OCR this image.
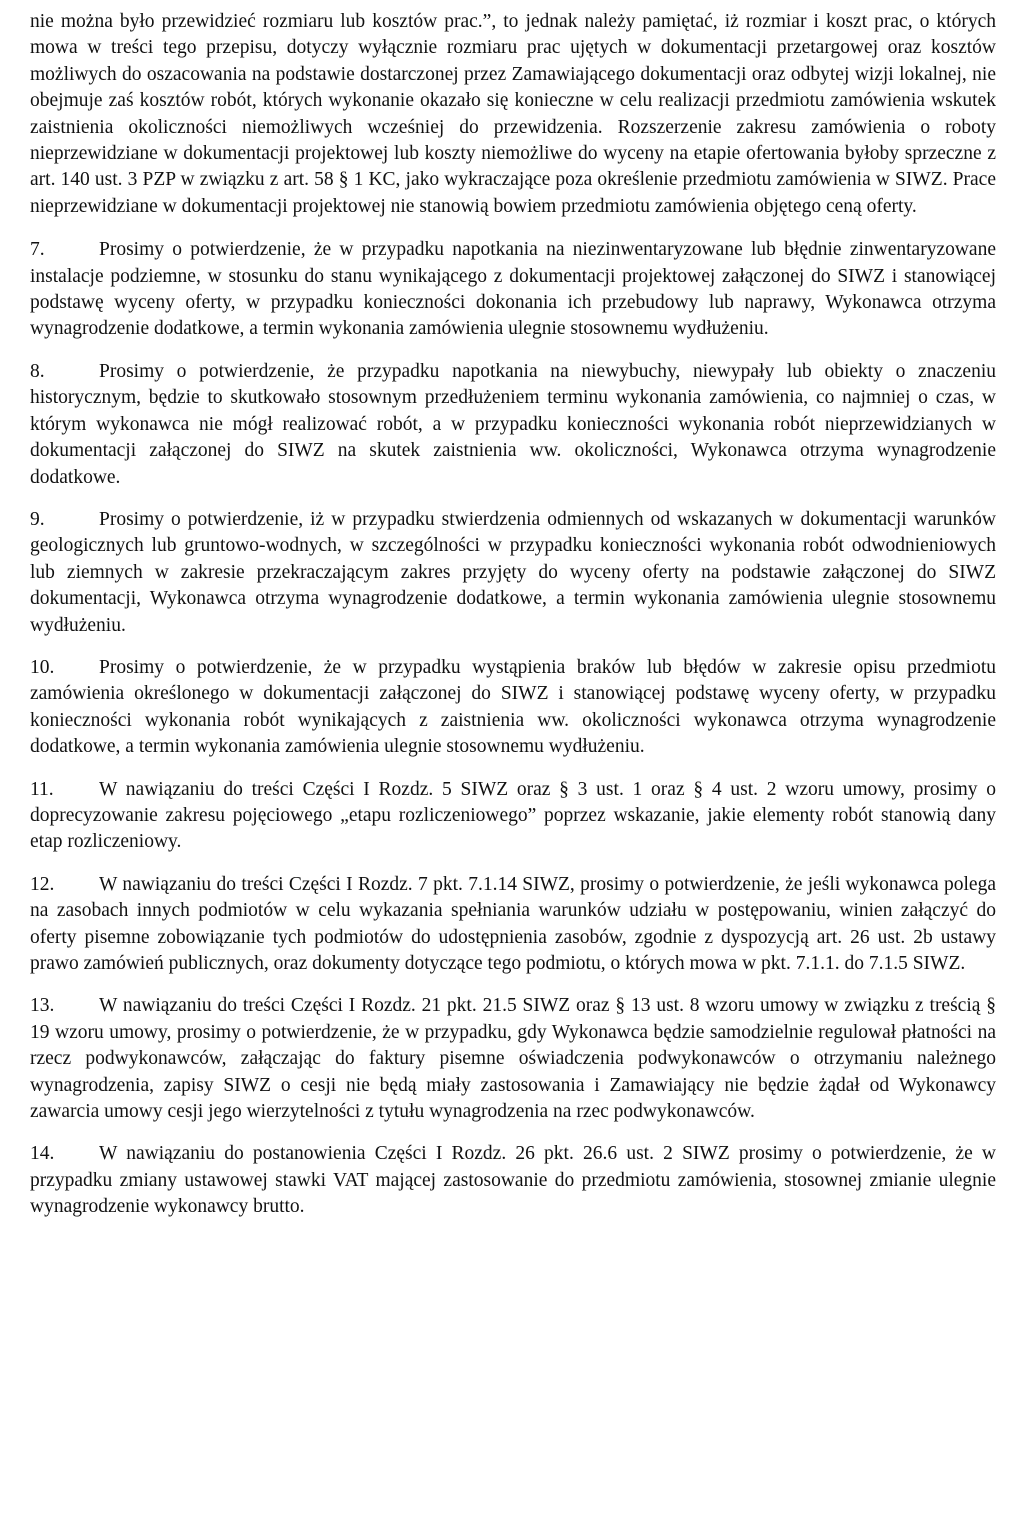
nie można było przewidzieć rozmiaru lub kosztów prac.”, to jednak należy pamiętać, iż rozmiar i koszt prac, o których mowa w treści tego przepisu, dotyczy wyłącznie rozmiaru prac ujętych w dokumentacji przetargowej oraz kosztów możliwych do oszacowania na podstawie dostarczonej przez Zamawiającego dokumentacji oraz odbytej wizji lokalnej, nie obejmuje zaś kosztów robót, których wykonanie okazało się konieczne w celu realizacji przedmiotu zamówienia wskutek zaistnienia okoliczności niemożliwych wcześniej do przewidzenia. Rozszerzenie zakresu zamówienia o roboty nieprzewidziane w dokumentacji projektowej lub koszty niemożliwe do wyceny na etapie ofertowania byłoby sprzeczne z art. 140 ust. 3 PZP w związku z art. 58 § 1 KC, jako wykraczające poza określenie przedmiotu zamówienia w SIWZ. Prace nieprzewidziane w dokumentacji projektowej nie stanowią bowiem przedmiotu zamówienia objętego ceną oferty.

7.	Prosimy o potwierdzenie, że w przypadku napotkania na niezinwentaryzowane lub błędnie zinwentaryzowane instalacje podziemne, w stosunku do stanu wynikającego z dokumentacji projektowej załączonej do SIWZ i stanowiącej podstawę wyceny oferty, w przypadku konieczności dokonania ich przebudowy lub naprawy, Wykonawca otrzyma wynagrodzenie dodatkowe, a termin wykonania zamówienia ulegnie stosownemu wydłużeniu.

8.	Prosimy o potwierdzenie, że przypadku napotkania na niewybuchy, niewypały lub obiekty o znaczeniu historycznym, będzie to skutkowało stosownym przedłużeniem terminu wykonania zamówienia, co najmniej o czas, w którym wykonawca nie mógł realizować robót, a w przypadku konieczności wykonania robót nieprzewidzianych w dokumentacji załączonej do SIWZ na skutek zaistnienia ww. okoliczności, Wykonawca otrzyma wynagrodzenie dodatkowe.

9.	Prosimy o potwierdzenie, iż w przypadku stwierdzenia odmiennych od wskazanych w dokumentacji warunków geologicznych lub gruntowo-wodnych, w szczególności w przypadku konieczności wykonania robót odwodnieniowych lub ziemnych w zakresie przekraczającym zakres przyjęty do wyceny oferty na podstawie załączonej do SIWZ dokumentacji, Wykonawca otrzyma wynagrodzenie dodatkowe, a termin wykonania zamówienia ulegnie stosownemu wydłużeniu.

10. Prosimy o potwierdzenie, że w przypadku wystąpienia braków lub błędów w zakresie opisu przedmiotu zamówienia określonego w dokumentacji załączonej do SIWZ i stanowiącej podstawę wyceny oferty, w przypadku konieczności wykonania robót wynikających z zaistnienia ww. okoliczności wykonawca otrzyma wynagrodzenie dodatkowe, a termin wykonania zamówienia ulegnie stosownemu wydłużeniu.

11. W nawiązaniu do treści Części I Rozdz. 5 SIWZ oraz § 3 ust. 1 oraz § 4 ust. 2 wzoru umowy, prosimy o doprecyzowanie zakresu pojęciowego „etapu rozliczeniowego” poprzez wskazanie, jakie elementy robót stanowią dany etap rozliczeniowy.

12. W nawiązaniu do treści Części I Rozdz. 7 pkt. 7.1.14 SIWZ, prosimy o potwierdzenie, że jeśli wykonawca polega na zasobach innych podmiotów w celu wykazania spełniania warunków udziału w postępowaniu, winien załączyć do oferty pisemne zobowiązanie tych podmiotów do udostępnienia zasobów, zgodnie z dyspozycją art. 26 ust. 2b ustawy prawo zamówień publicznych, oraz dokumenty dotyczące tego podmiotu, o których mowa w pkt. 7.1.1. do 7.1.5 SIWZ.

13. W nawiązaniu do treści Części I Rozdz. 21 pkt. 21.5 SIWZ oraz § 13 ust. 8 wzoru umowy w związku z treścią § 19 wzoru umowy, prosimy o potwierdzenie, że w przypadku, gdy Wykonawca będzie samodzielnie regulował płatności na rzecz podwykonawców, załączając do faktury pisemne oświadczenia podwykonawców o otrzymaniu należnego wynagrodzenia, zapisy SIWZ o cesji nie będą miały zastosowania i Zamawiający nie będzie żądał od Wykonawcy zawarcia umowy cesji jego wierzytelności z tytułu wynagrodzenia na rzec podwykonawców.

14. W nawiązaniu do postanowienia Części I Rozdz. 26 pkt. 26.6 ust. 2 SIWZ prosimy o potwierdzenie, że w przypadku zmiany ustawowej stawki VAT mającej zastosowanie do przedmiotu zamówienia, stosownej zmianie ulegnie wynagrodzenie wykonawcy brutto.
